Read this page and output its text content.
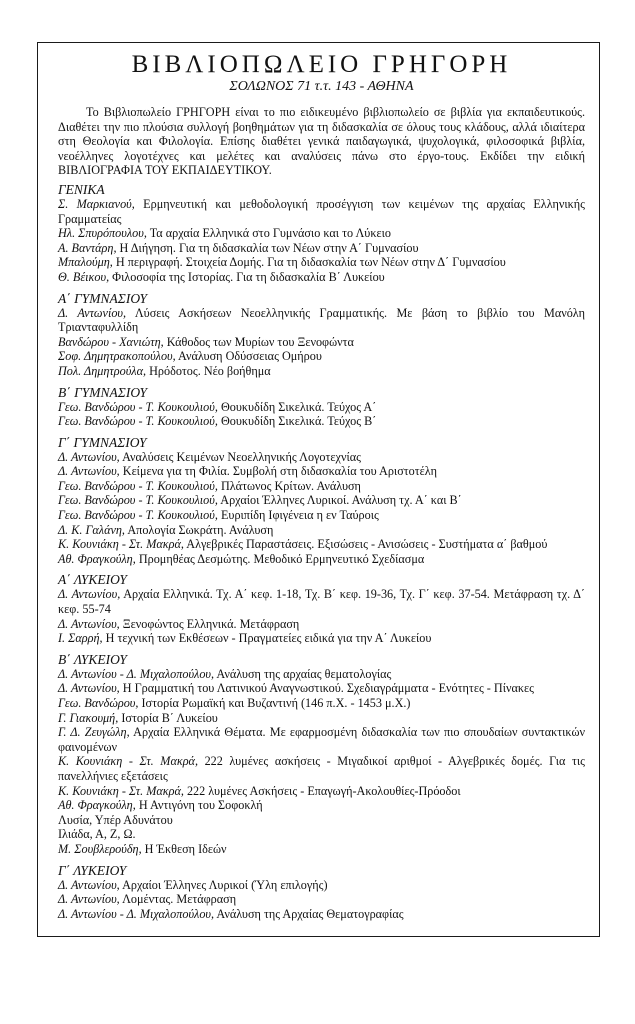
ΒΙΒΛΙΟΠΩΛΕΙΟ ΓΡΗΓΟΡΗ

ΣΟΛΩΝΟΣ 71 τ.τ. 143 - ΑΘΗΝΑ

Το Βιβλιοπωλείο ΓΡΗΓΟΡΗ είναι το πιο ειδικευμένο βιβλιοπωλείο σε βιβλία για εκπαιδευτικούς. Διαθέτει την πιο πλούσια συλλογή βοηθημάτων για τη διδασκαλία σε όλους τους κλάδους, αλλά ιδιαίτερα στη Θεολογία και Φιλολογία. Επίσης διαθέτει γενικά παιδαγωγικά, ψυχολογικά, φιλοσοφικά βιβλία, νεοέλληνες λογοτέχνες και μελέτες και αναλύσεις πάνω στο έργο-τους. Εκδίδει την ειδική ΒΙΒΛΙΟΓΡΑΦΙΑ ΤΟΥ ΕΚΠΑΙΔΕΥΤΙΚΟΥ.

ΓΕΝΙΚΑ

Σ. Μαρκιανού, Ερμηνευτική και μεθοδολογική προσέγγιση των κειμένων της αρχαίας Ελληνικής Γραμματείας

Ηλ. Σπυρόπουλου, Τα αρχαία Ελληνικά στο Γυμνάσιο και το Λύκειο

Α. Βαντάρη, Η Διήγηση. Για τη διδασκαλία των Νέων στην Α΄ Γυμνασίου

Μπαλούμη, Η περιγραφή. Στοιχεία Δομής. Για τη διδασκαλία των Νέων στην Δ΄ Γυμνασίου

Θ. Βέικου, Φιλοσοφία της Ιστορίας. Για τη διδασκαλία Β΄ Λυκείου

Α΄ ΓΥΜΝΑΣΙΟΥ

Δ. Αντωνίου, Λύσεις Ασκήσεων Νεοελληνικής Γραμματικής. Με βάση το βιβλίο του Μανόλη Τριανταφυλλίδη

Βανδώρου - Χανιώτη, Κάθοδος των Μυρίων του Ξενοφώντα

Σοφ. Δημητρακοπούλου, Ανάλυση Οδύσσειας Ομήρου

Πολ. Δημητρούλα, Ηρόδοτος. Νέο βοήθημα

Β΄ ΓΥΜΝΑΣΙΟΥ

Γεω. Βανδώρου - Τ. Κουκουλιού, Θουκυδίδη Σικελικά. Τεύχος Α΄

Γεω. Βανδώρου - Τ. Κουκουλιού, Θουκυδίδη Σικελικά. Τεύχος Β΄

Γ΄ ΓΥΜΝΑΣΙΟΥ

Δ. Αντωνίου, Αναλύσεις Κειμένων Νεοελληνικής Λογοτεχνίας

Δ. Αντωνίου, Κείμενα για τη Φιλία. Συμβολή στη διδασκαλία του Αριστοτέλη

Γεω. Βανδώρου - Τ. Κουκουλιού, Πλάτωνος Κρίτων. Ανάλυση

Γεω. Βανδώρου - Τ. Κουκουλιού, Αρχαίοι Έλληνες Λυρικοί. Ανάλυση τχ. Α΄ και Β΄

Γεω. Βανδώρου - Τ. Κουκουλιού, Ευριπίδη Ιφιγένεια η εν Ταύροις

Δ. Κ. Γαλάνη, Απολογία Σωκράτη. Ανάλυση

Κ. Κουνιάκη - Στ. Μακρά, Αλγεβρικές Παραστάσεις. Εξισώσεις - Ανισώσεις - Συστήματα α΄ βαθμού

Αθ. Φραγκούλη, Προμηθέας Δεσμώτης. Μεθοδικό Ερμηνευτικό Σχεδίασμα

Α΄ ΛΥΚΕΙΟΥ

Δ. Αντωνίου, Αρχαία Ελληνικά. Τχ. Α΄ κεφ. 1-18, Τχ. Β΄ κεφ. 19-36, Τχ. Γ΄ κεφ. 37-54. Μετάφραση τχ. Δ΄ κεφ. 55-74

Δ. Αντωνίου, Ξενοφώντος Ελληνικά. Μετάφραση

Ι. Σαρρή, Η τεχνική των Εκθέσεων - Πραγματείες ειδικά για την Α΄ Λυκείου

Β΄ ΛΥΚΕΙΟΥ

Δ. Αντωνίου - Δ. Μιχαλοπούλου, Ανάλυση της αρχαίας θεματολογίας

Δ. Αντωνίου, Η Γραμματική του Λατινικού Αναγνωστικού. Σχεδιαγράμματα - Ενότητες - Πίνακες

Γεω. Βανδώρου, Ιστορία Ρωμαϊκή και Βυζαντινή (146 π.Χ. - 1453 μ.Χ.)

Γ. Γιακουμή, Ιστορία Β΄ Λυκείου

Γ. Δ. Ζευγώλη, Αρχαία Ελληνικά Θέματα. Με εφαρμοσμένη διδασκαλία των πιο σπουδαίων συντακτικών φαινομένων

Κ. Κουνιάκη - Στ. Μακρά, 222 λυμένες ασκήσεις - Μιγαδικοί αριθμοί - Αλγεβρικές δομές. Για τις πανελλήνιες εξετάσεις

Κ. Κουνιάκη - Στ. Μακρά, 222 λυμένες Ασκήσεις - Επαγωγή-Ακολουθίες-Πρόοδοι

Αθ. Φραγκούλη, Η Αντιγόνη του Σοφοκλή

Λυσία, Υπέρ Αδυνάτου

Ιλιάδα, Α, Ζ, Ω.

Μ. Σουβλερούδη, Η Έκθεση Ιδεών

Γ΄ ΛΥΚΕΙΟΥ

Δ. Αντωνίου, Αρχαίοι Έλληνες Λυρικοί (Ύλη επιλογής)

Δ. Αντωνίου, Λομέντας. Μετάφραση

Δ. Αντωνίου - Δ. Μιχαλοπούλου, Ανάλυση της Αρχαίας Θεματογραφίας
